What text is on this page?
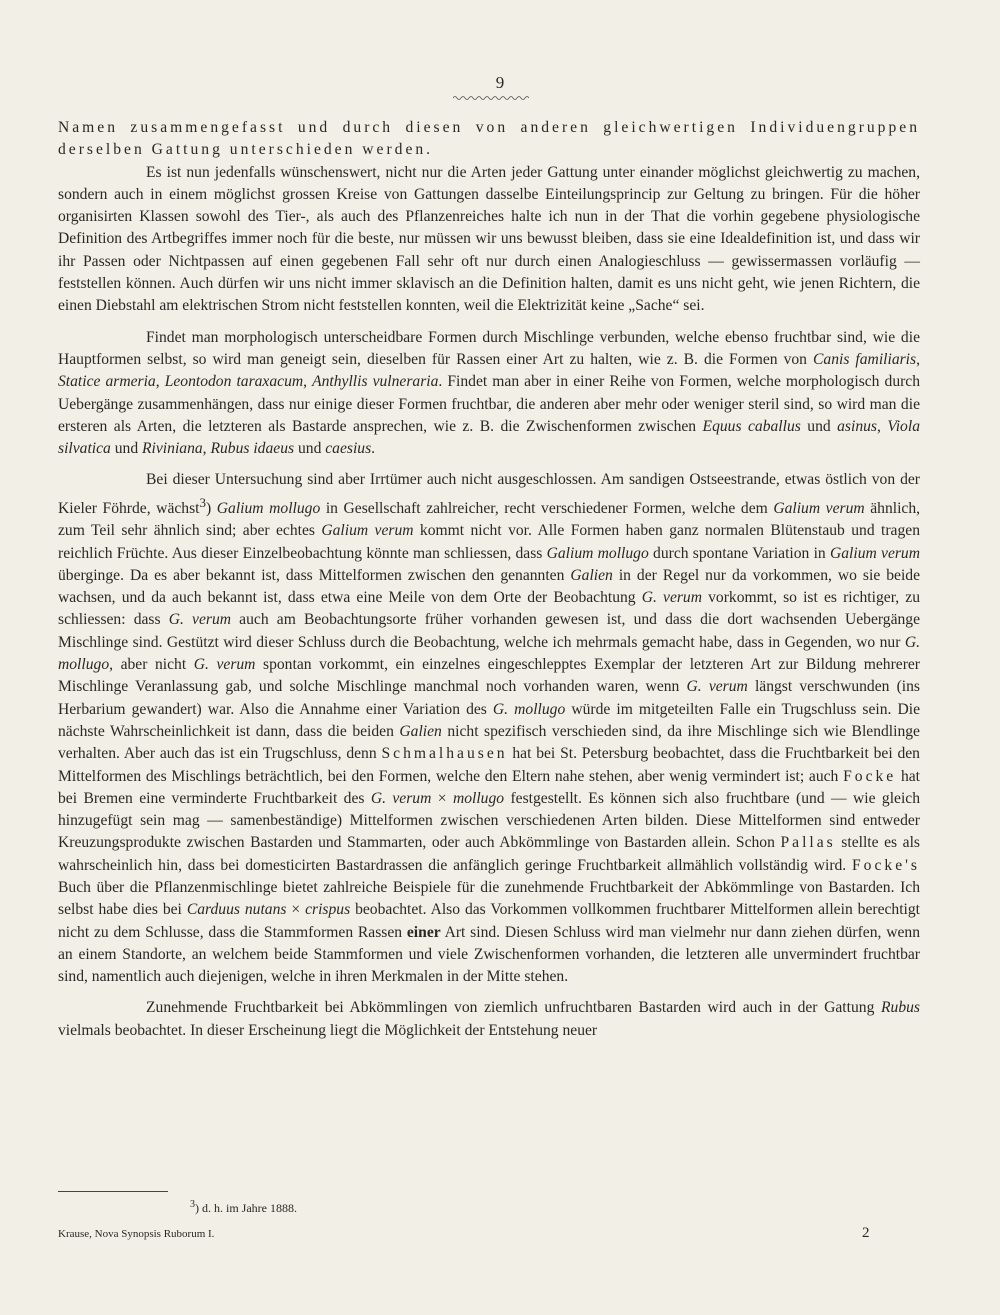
9

Namen zusammengefasst und durch diesen von anderen gleichwertigen Individuengruppen derselben Gattung unterschieden werden.

Es ist nun jedenfalls wünschenswert, nicht nur die Arten jeder Gattung unter einander möglichst gleichwertig zu machen, sondern auch in einem möglichst grossen Kreise von Gattungen dasselbe Einteilungsprincip zur Geltung zu bringen. Für die höher organisirten Klassen sowohl des Tier-, als auch des Pflanzenreiches halte ich nun in der That die vorhin gegebene physiologische Definition des Artbegriffes immer noch für die beste, nur müssen wir uns bewusst bleiben, dass sie eine Idealdefinition ist, und dass wir ihr Passen oder Nichtpassen auf einen gegebenen Fall sehr oft nur durch einen Analogieschluss — gewissermassen vorläufig — feststellen können. Auch dürfen wir uns nicht immer sklavisch an die Definition halten, damit es uns nicht geht, wie jenen Richtern, die einen Diebstahl am elektrischen Strom nicht feststellen konnten, weil die Elektrizität keine „Sache“ sei.

Findet man morphologisch unterscheidbare Formen durch Mischlinge verbunden, welche ebenso fruchtbar sind, wie die Hauptformen selbst, so wird man geneigt sein, dieselben für Rassen einer Art zu halten, wie z. B. die Formen von Canis familiaris, Statice armeria, Leontodon taraxacum, Anthyllis vulneraria. Findet man aber in einer Reihe von Formen, welche morphologisch durch Uebergänge zusammenhängen, dass nur einige dieser Formen fruchtbar, die anderen aber mehr oder weniger steril sind, so wird man die ersteren als Arten, die letzteren als Bastarde ansprechen, wie z. B. die Zwischenformen zwischen Equus caballus und asinus, Viola silvatica und Riviniana, Rubus idaeus und caesius.

Bei dieser Untersuchung sind aber Irrtümer auch nicht ausgeschlossen. Am sandigen Ostseestrande, etwas östlich von der Kieler Föhrde, wächst$^3$) Galium mollugo in Gesellschaft zahlreicher, recht verschiedener Formen, welche dem Galium verum ähnlich, zum Teil sehr ähnlich sind; aber echtes Galium verum kommt nicht vor. Alle Formen haben ganz normalen Blütenstaub und tragen reichlich Früchte. Aus dieser Einzelbeobachtung könnte man schliessen, dass Galium mollugo durch spontane Variation in Galium verum überginge. Da es aber bekannt ist, dass Mittelformen zwischen den genannten Galien in der Regel nur da vorkommen, wo sie beide wachsen, und da auch bekannt ist, dass etwa eine Meile von dem Orte der Beobachtung G. verum vorkommt, so ist es richtiger, zu schliessen: dass G. verum auch am Beobachtungsorte früher vorhanden gewesen ist, und dass die dort wachsenden Uebergänge Mischlinge sind. Gestützt wird dieser Schluss durch die Beobachtung, welche ich mehrmals gemacht habe, dass in Gegenden, wo nur G. mollugo, aber nicht G. verum spontan vorkommt, ein einzelnes eingeschlepptes Exemplar der letzteren Art zur Bildung mehrerer Mischlinge Veranlassung gab, und solche Mischlinge manchmal noch vorhanden waren, wenn G. verum längst verschwunden (ins Herbarium gewandert) war. Also die Annahme einer Variation des G. mollugo würde im mitgeteilten Falle ein Trugschluss sein. Die nächste Wahrscheinlichkeit ist dann, dass die beiden Galien nicht spezifisch verschieden sind, da ihre Mischlinge sich wie Blendlinge verhalten. Aber auch das ist ein Trugschluss, denn Schmalhausen hat bei St. Petersburg beobachtet, dass die Fruchtbarkeit bei den Mittelformen des Mischlings beträchtlich, bei den Formen, welche den Eltern nahe stehen, aber wenig vermindert ist; auch Focke hat bei Bremen eine verminderte Fruchtbarkeit des G. verum × mollugo festgestellt. Es können sich also fruchtbare (und — wie gleich hinzugefügt sein mag — samenbeständige) Mittelformen zwischen verschiedenen Arten bilden. Diese Mittelformen sind entweder Kreuzungsprodukte zwischen Bastarden und Stammarten, oder auch Abkömmlinge von Bastarden allein. Schon Pallas stellte es als wahrscheinlich hin, dass bei domesticirten Bastardrassen die anfänglich geringe Fruchtbarkeit allmählich vollständig wird. Focke's Buch über die Pflanzenmischlinge bietet zahlreiche Beispiele für die zunehmende Fruchtbarkeit der Abkömmlinge von Bastarden. Ich selbst habe dies bei Carduus nutans × crispus beobachtet. Also das Vorkommen vollkommen fruchtbarer Mittelformen allein berechtigt nicht zu dem Schlusse, dass die Stammformen Rassen einer Art sind. Diesen Schluss wird man vielmehr nur dann ziehen dürfen, wenn an einem Standorte, an welchem beide Stammformen und viele Zwischenformen vorhanden, die letzteren alle unvermindert fruchtbar sind, namentlich auch diejenigen, welche in ihren Merkmalen in der Mitte stehen.

Zunehmende Fruchtbarkeit bei Abkömmlingen von ziemlich unfruchtbaren Bastarden wird auch in der Gattung Rubus vielmals beobachtet. In dieser Erscheinung liegt die Möglichkeit der Entstehung neuer

$^3$) d. h. im Jahre 1888.
Krause, Nova Synopsis Ruborum I.	2
